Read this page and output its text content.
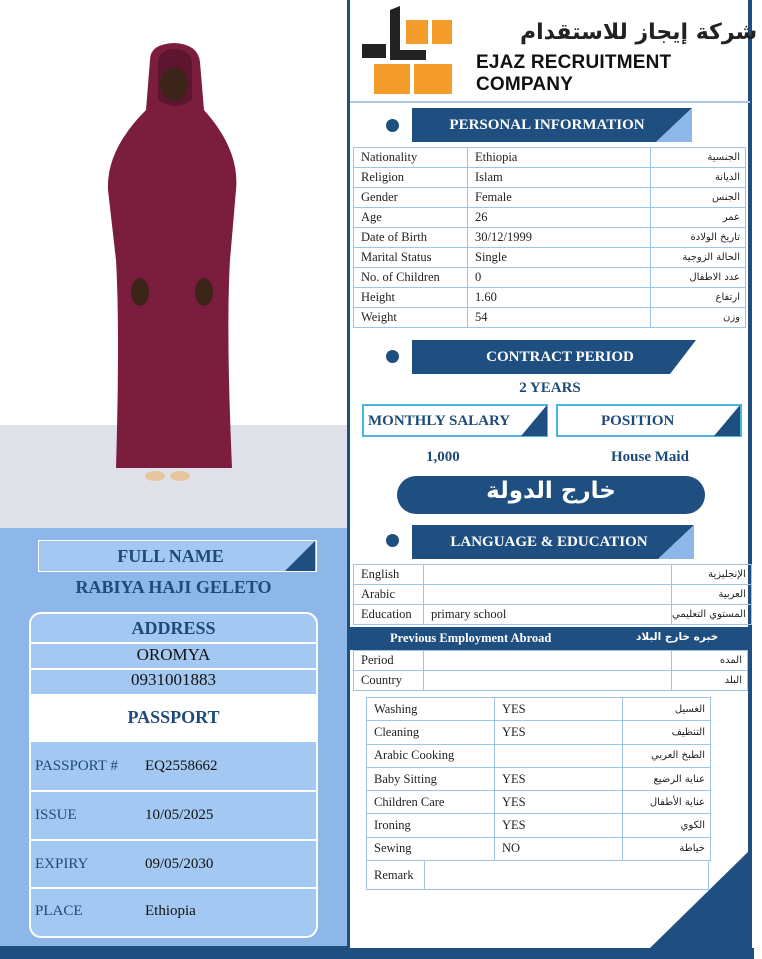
FULL NAME
RABIYA HAJI GELETO
ADDRESS
OROMYA
0931001883
PASSPORT
PASSPORT # EQ2558662
ISSUE	10/05/2025
EXPIRY	09/05/2030
PLACE	Ethiopia
شركة إيجاز للاستقدام
EJAZ RECRUITMENT COMPANY
PERSONAL INFORMATION
Nationality	Ethiopia	الجنسية
Religion	Islam	الديانة
Gender	Female	الجنس
Age	26	عمر
Date of Birth	30/12/1999	تاريخ الولادة
Marital Status	Single	الحالة الزوجية
No. of Children	0	عدد الاطفال
Height	1.60	ارتفاع
Weight	54	وزن
CONTRACT PERIOD
2 YEARS
MONTHLY SALARY	POSITION
1,000	House Maid
خارج الدولة
LANGUAGE & EDUCATION
English		الإنجليزية
Arabic		العربية
Education	primary school	المستوي التعليمي
Previous Employment Abroad	خبره خارج البلاد
Period		المده
Country		البلد
Washing	YES	الغسيل
Cleaning	YES	التنظيف
Arabic Cooking		الطبخ العربي
Baby Sitting	YES	عناية الرضيع
Children Care	YES	عناية الأطفال
Ironing	YES	الكوي
Sewing	NO	خياطة
Remark	
